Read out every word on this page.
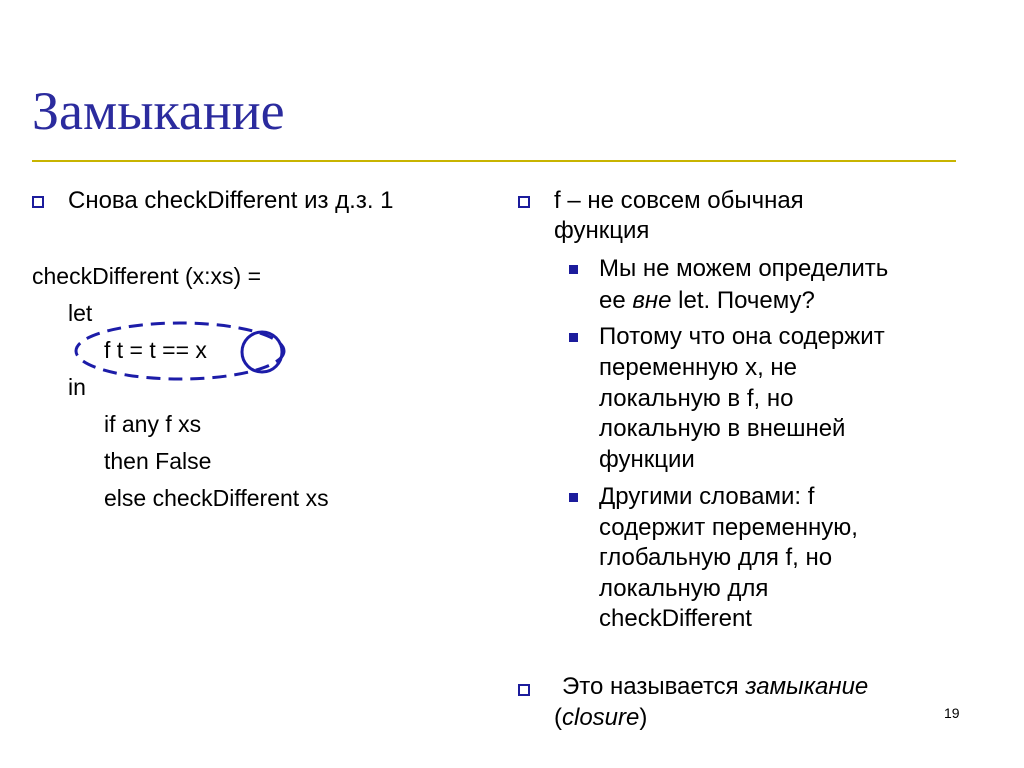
Замыкание
Снова checkDifferent из д.з. 1
checkDifferent (x:xs) =
let
f t = t == x
in
if any f xs
then False
else checkDifferent xs
f – не совсем обычная
функция
Мы не можем определить
ее вне let. Почему?
Потому что она содержит
переменную x, не
локальную в f, но
локальную в внешней
функции
Другими словами: f
содержит переменную,
глобальную для f, но
локальную для
checkDifferent
Это называется замыкание
(closure)	19
